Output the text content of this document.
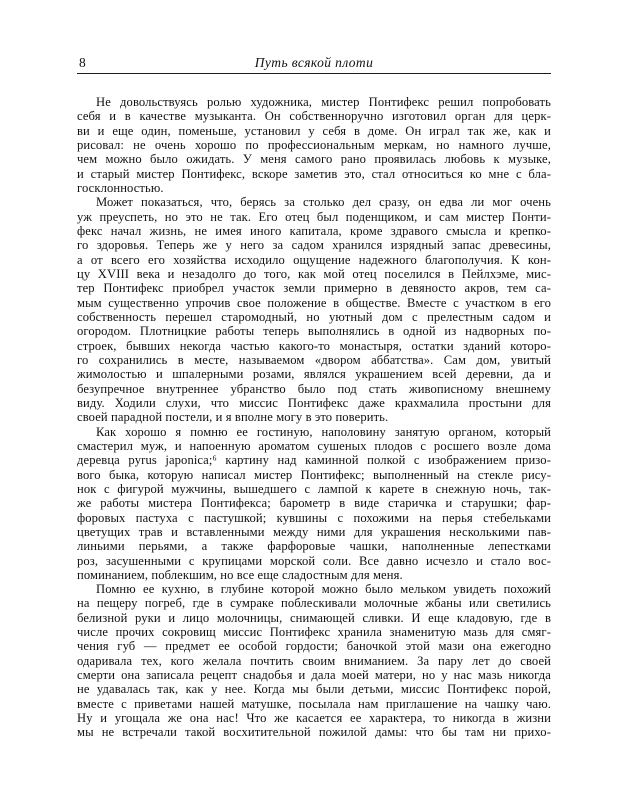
8	Путь всякой плоти
Не довольствуясь ролью художника, мистер Понтифекс решил попробовать
себя и в качестве музыканта. Он собственноручно изготовил орган для церк-
ви и еще один, поменьше, установил у себя в доме. Он играл так же, как и
рисовал: не очень хорошо по профессиональным меркам, но намного лучше,
чем можно было ожидать. У меня самого рано проявилась любовь к музыке,
и старый мистер Понтифекс, вскоре заметив это, стал относиться ко мне с бла-
госклонностью.
Может показаться, что, берясь за столько дел сразу, он едва ли мог очень
уж преуспеть, но это не так. Его отец был поденщиком, и сам мистер Понти-
фекс начал жизнь, не имея иного капитала, кроме здравого смысла и крепко-
го здоровья. Теперь же у него за садом хранился изрядный запас древесины,
а от всего его хозяйства исходило ощущение надежного благополучия. К кон-
цу XVIII века и незадолго до того, как мой отец поселился в Пейлхэме, мис-
тер Понтифекс приобрел участок земли примерно в девяносто акров, тем са-
мым существенно упрочив свое положение в обществе. Вместе с участком в его
собственность перешел старомодный, но уютный дом с прелестным садом и
огородом. Плотницкие работы теперь выполнялись в одной из надворных по-
строек, бывших некогда частью какого-то монастыря, остатки зданий которо-
го сохранились в месте, называемом «двором аббатства». Сам дом, увитый
жимолостью и шпалерными розами, являлся украшением всей деревни, да и
безупречное внутреннее убранство было под стать живописному внешнему
виду. Ходили слухи, что миссис Понтифекс даже крахмалила простыни для
своей парадной постели, и я вполне могу в это поверить.
Как хорошо я помню ее гостиную, наполовину занятую органом, который
смастерил муж, и напоенную ароматом сушеных плодов с росшего возле дома
деревца pyrus japonica;⁶ картину над каминной полкой с изображением призо-
вого быка, которую написал мистер Понтифекс; выполненный на стекле рису-
нок с фигурой мужчины, вышедшего с лампой к карете в снежную ночь, так-
же работы мистера Понтифекса; барометр в виде старичка и старушки; фар-
форовых пастуха с пастушкой; кувшины с похожими на перья стебельками
цветущих трав и вставленными между ними для украшения несколькими пав-
линьими перьями, а также фарфоровые чашки, наполненные лепестками
роз, засушенными с крупицами морской соли. Все давно исчезло и стало вос-
поминанием, поблекшим, но все еще сладостным для меня.
Помню ее кухню, в глубине которой можно было мельком увидеть похожий
на пещеру погреб, где в сумраке поблескивали молочные жбаны или светились
белизной руки и лицо молочницы, снимающей сливки. И еще кладовую, где в
числе прочих сокровищ миссис Понтифекс хранила знаменитую мазь для смяг-
чения губ — предмет ее особой гордости; баночкой этой мази она ежегодно
одаривала тех, кого желала почтить своим вниманием. За пару лет до своей
смерти она записала рецепт снадобья и дала моей матери, но у нас мазь никогда
не удавалась так, как у нее. Когда мы были детьми, миссис Понтифекс порой,
вместе с приветами нашей матушке, посылала нам приглашение на чашку чаю.
Ну и угощала же она нас! Что же касается ее характера, то никогда в жизни
мы не встречали такой восхитительной пожилой дамы: что бы там ни прихо-
